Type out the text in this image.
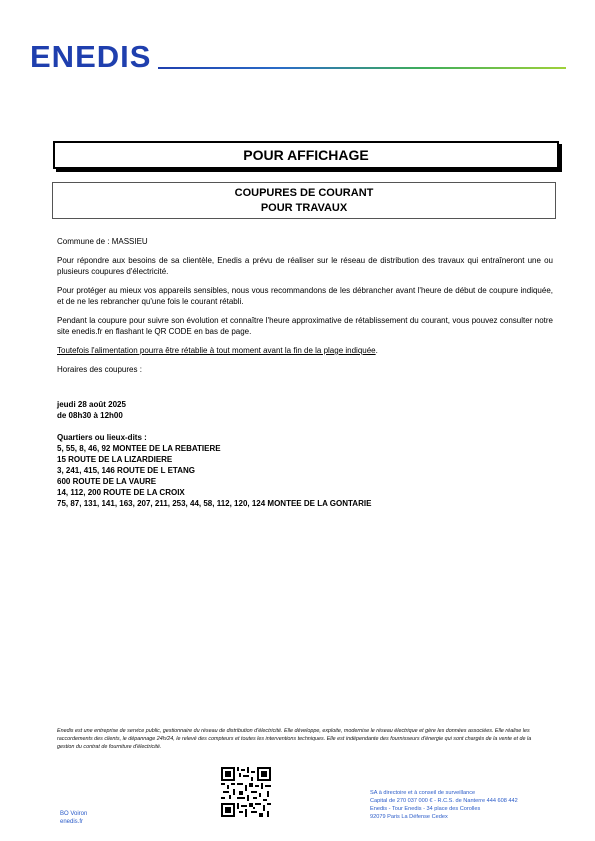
ENEDIS
POUR AFFICHAGE
COUPURES DE COURANT
POUR TRAVAUX

Commune de : MASSIEU

Pour répondre aux besoins de sa clientèle, Enedis a prévu de réaliser sur le réseau de distribution des travaux qui entraîneront une ou plusieurs coupures d'électricité.

Pour protéger au mieux vos appareils sensibles, nous vous recommandons de les débrancher avant l'heure de début de coupure indiquée, et de ne les rebrancher qu'une fois le courant rétabli.

Pendant la coupure pour suivre son évolution et connaître l'heure approximative de rétablissement du courant, vous pouvez consulter notre site enedis.fr en flashant le QR CODE en bas de page.

Toutefois l'alimentation pourra être rétablie à tout moment avant la fin de la plage indiquée.

Horaires des coupures :

jeudi 28 août 2025
de 08h30 à 12h00
Quartiers ou lieux-dits :
5, 55, 8, 46, 92 MONTEE DE LA REBATIERE
15 ROUTE DE LA LIZARDIERE
3, 241, 415, 146 ROUTE DE L ETANG
600 ROUTE DE LA VAURE
14, 112, 200 ROUTE DE LA CROIX
75, 87, 131, 141, 163, 207, 211, 253, 44, 58, 112, 120, 124 MONTEE DE LA GONTARIE
Enedis est une entreprise de service public, gestionnaire du réseau de distribution d'électricité. Elle développe, exploite, modernise le réseau électrique et gère les données associées. Elle réalise les raccordements des clients, le dépannage 24h/24, le relevé des compteurs et toutes les interventions techniques. Elle est indépendante des fournisseurs d'énergie qui sont chargés de la vente et de la gestion du contrat de fourniture d'électricité.
BO Voiron
enedis.fr
SA à directoire et à conseil de surveillance
Capital de 270 037 000 € - R.C.S. de Nanterre 444 608 442
Enedis - Tour Enedis - 34 place des Corolles
92079 Paris La Défense Cedex
